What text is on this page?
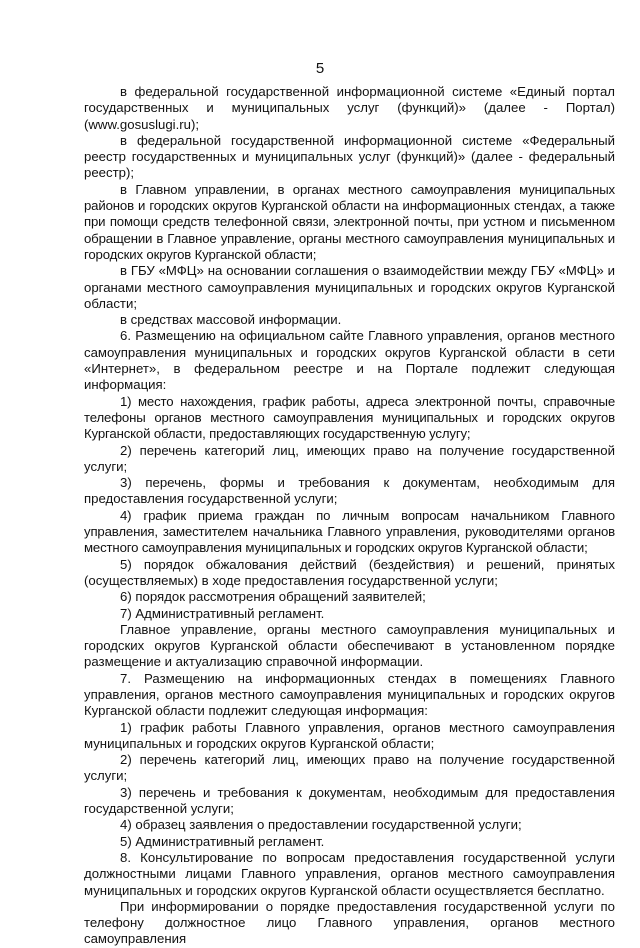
5

в федеральной государственной информационной системе «Единый портал государственных и муниципальных услуг (функций)» (далее - Портал) (www.gosuslugi.ru);

в федеральной государственной информационной системе «Федеральный реестр государственных и муниципальных услуг (функций)» (далее - федеральный реестр);

в Главном управлении, в органах местного самоуправления муниципальных районов и городских округов Курганской области на информационных стендах, а также при помощи средств телефонной связи, электронной почты, при устном и письменном обращении в Главное управление, органы местного самоуправления муниципальных и городских округов Курганской области;

в ГБУ «МФЦ» на основании соглашения о взаимодействии между ГБУ «МФЦ» и органами местного самоуправления муниципальных и городских округов Курганской области;

в средствах массовой информации.

6. Размещению на официальном сайте Главного управления, органов местного самоуправления муниципальных и городских округов Курганской области в сети «Интернет», в федеральном реестре и на Портале подлежит следующая информация:

1) место нахождения, график работы, адреса электронной почты, справочные телефоны органов местного самоуправления муниципальных и городских округов Курганской области, предоставляющих государственную услугу;

2) перечень категорий лиц, имеющих право на получение государственной услуги;

3) перечень, формы и требования к документам, необходимым для предоставления государственной услуги;

4) график приема граждан по личным вопросам начальником Главного управления, заместителем начальника Главного управления, руководителями органов местного самоуправления муниципальных и городских округов Курганской области;

5) порядок обжалования действий (бездействия) и решений, принятых (осуществляемых) в ходе предоставления государственной услуги;

6) порядок рассмотрения обращений заявителей;

7) Административный регламент.

Главное управление, органы местного самоуправления муниципальных и городских округов Курганской области обеспечивают в установленном порядке размещение и актуализацию справочной информации.

7. Размещению на информационных стендах в помещениях Главного управления, органов местного самоуправления муниципальных и городских округов Курганской области подлежит следующая информация:

1) график работы Главного управления, органов местного самоуправления муниципальных и городских округов Курганской области;

2) перечень категорий лиц, имеющих право на получение государственной услуги;

3) перечень и требования к документам, необходимым для предоставления государственной услуги;

4) образец заявления о предоставлении государственной услуги;

5) Административный регламент.

8. Консультирование по вопросам предоставления государственной услуги должностными лицами Главного управления, органов местного самоуправления муниципальных и городских округов Курганской области осуществляется бесплатно.

При информировании о порядке предоставления государственной услуги по телефону должностное лицо Главного управления, органов местного самоуправления
